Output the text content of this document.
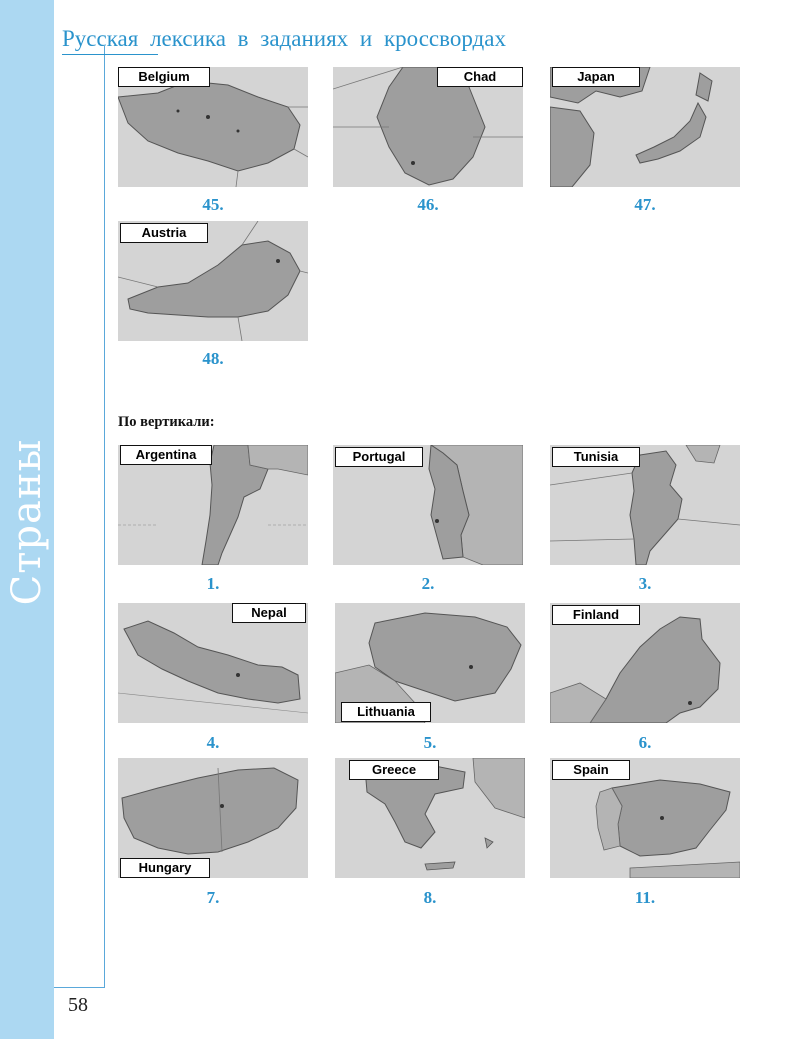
Страны
58
Русская лексика в заданиях и кроссвордах
По вертикали:
Belgium
45.
Chad
46.
Japan
47.
Austria
48.
Argentina
1.
Portugal
2.
Tunisia
3.
Nepal
4.
Lithuania
5.
Finland
6.
Hungary
7.
Greece
8.
Spain
11.
